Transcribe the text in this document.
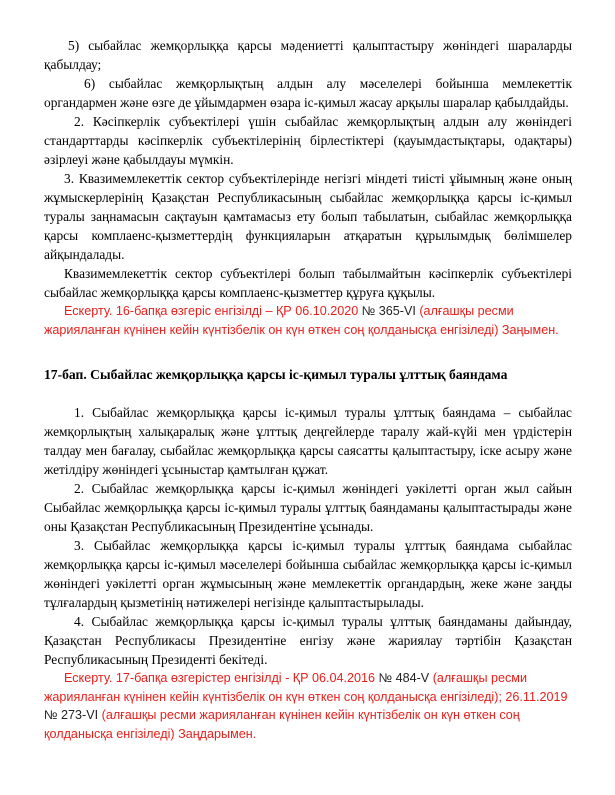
5) сыбайлас жемқорлыққа қарсы мәдениетті қалыптастыру жөніндегі шараларды қабылдау;

6) сыбайлас жемқорлықтың алдын алу мәселелері бойынша мемлекеттік органдармен және өзге де ұйымдармен өзара іс-қимыл жасау арқылы шаралар қабылдайды.

2. Кәсіпкерлік субъектілері үшін сыбайлас жемқорлықтың алдын алу жөніндегі стандарттарды кәсіпкерлік субъектілерінің бірлестіктері (қауымдастықтары, одақтары) әзірлеуі және қабылдауы мүмкін.

3. Квазимемлекеттік сектор субъектілерінде негізгі міндеті тиісті ұйымның және оның жұмыскерлерінің Қазақстан Республикасының сыбайлас жемқорлыққа қарсы іс-қимыл туралы заңнамасын сақтауын қамтамасыз ету болып табылатын, сыбайлас жемқорлыққа қарсы комплаенс-қызметтердің функцияларын атқаратын құрылымдық бөлімшелер айқындалады.

Квазимемлекеттік сектор субъектілері болып табылмайтын кәсіпкерлік субъектілері сыбайлас жемқорлыққа қарсы комплаенс-қызметтер құруға құқылы.

Ескерту. 16-бапқа өзгеріс енгізілді – ҚР 06.10.2020 № 365-VI (алғашқы ресми жарияланған күнінен кейін күнтізбелік он күн өткен соң қолданысқа енгізіледі) Заңымен.

17-бап. Сыбайлас жемқорлыққа қарсы іс-қимыл туралы ұлттық баяндама

1. Сыбайлас жемқорлыққа қарсы іс-қимыл туралы ұлттық баяндама – сыбайлас жемқорлықтың халықаралық және ұлттық деңгейлерде таралу жай-күйі мен үрдістерін талдау мен бағалау, сыбайлас жемқорлыққа қарсы саясатты қалыптастыру, іске асыру және жетілдіру жөніндегі ұсыныстар қамтылған құжат.

2. Сыбайлас жемқорлыққа қарсы іс-қимыл жөніндегі уәкілетті орган жыл сайын Сыбайлас жемқорлыққа қарсы іс-қимыл туралы ұлттық баяндаманы қалыптастырады және оны Қазақстан Республикасының Президентіне ұсынады.

3. Сыбайлас жемқорлыққа қарсы іс-қимыл туралы ұлттық баяндама сыбайлас жемқорлыққа қарсы іс-қимыл мәселелері бойынша сыбайлас жемқорлыққа қарсы іс-қимыл жөніндегі уәкілетті орган жұмысының және мемлекеттік органдардың, жеке және заңды тұлғалардың қызметінің нәтижелері негізінде қалыптастырылады.

4. Сыбайлас жемқорлыққа қарсы іс-қимыл туралы ұлттық баяндаманы дайындау, Қазақстан Республикасы Президентіне енгізу және жариялау тәртібін Қазақстан Республикасының Президенті бекітеді.

Ескерту. 17-бапқа өзгерістер енгізілді - ҚР 06.04.2016 № 484-V (алғашқы ресми жарияланған күнінен кейін күнтізбелік он күн өткен соң қолданысқа енгізіледі); 26.11.2019 № 273-VI (алғашқы ресми жарияланған күнінен кейін күнтізбелік он күн өткен соң қолданысқа енгізіледі) Заңдарымен.
